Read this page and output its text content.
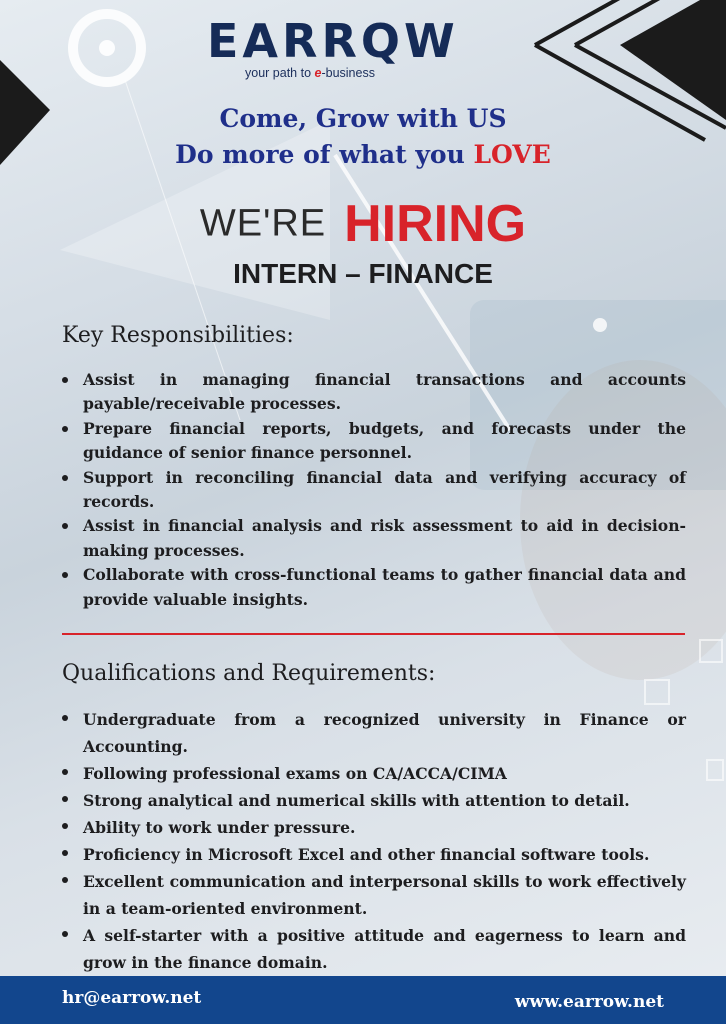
EARRQW
your path to e-business
Come, Grow with US
Do more of what you LOVE
WE'RE HIRING
INTERN – FINANCE
Key Responsibilities:
Assist in managing financial transactions and accounts payable/receivable processes.
Prepare financial reports, budgets, and forecasts under the guidance of senior finance personnel.
Support in reconciling financial data and verifying accuracy of records.
Assist in financial analysis and risk assessment to aid in decision-making processes.
Collaborate with cross-functional teams to gather financial data and provide valuable insights.
Qualifications and Requirements:
Undergraduate from a recognized university in Finance or Accounting.
Following professional exams on CA/ACCA/CIMA
Strong analytical and numerical skills with attention to detail.
Ability to work under pressure.
Proficiency in Microsoft Excel and other financial software tools.
Excellent communication and interpersonal skills to work effectively in a team-oriented environment.
A self-starter with a positive attitude and eagerness to learn and grow in the finance domain.
hr@earrow.net	www.earrow.net
